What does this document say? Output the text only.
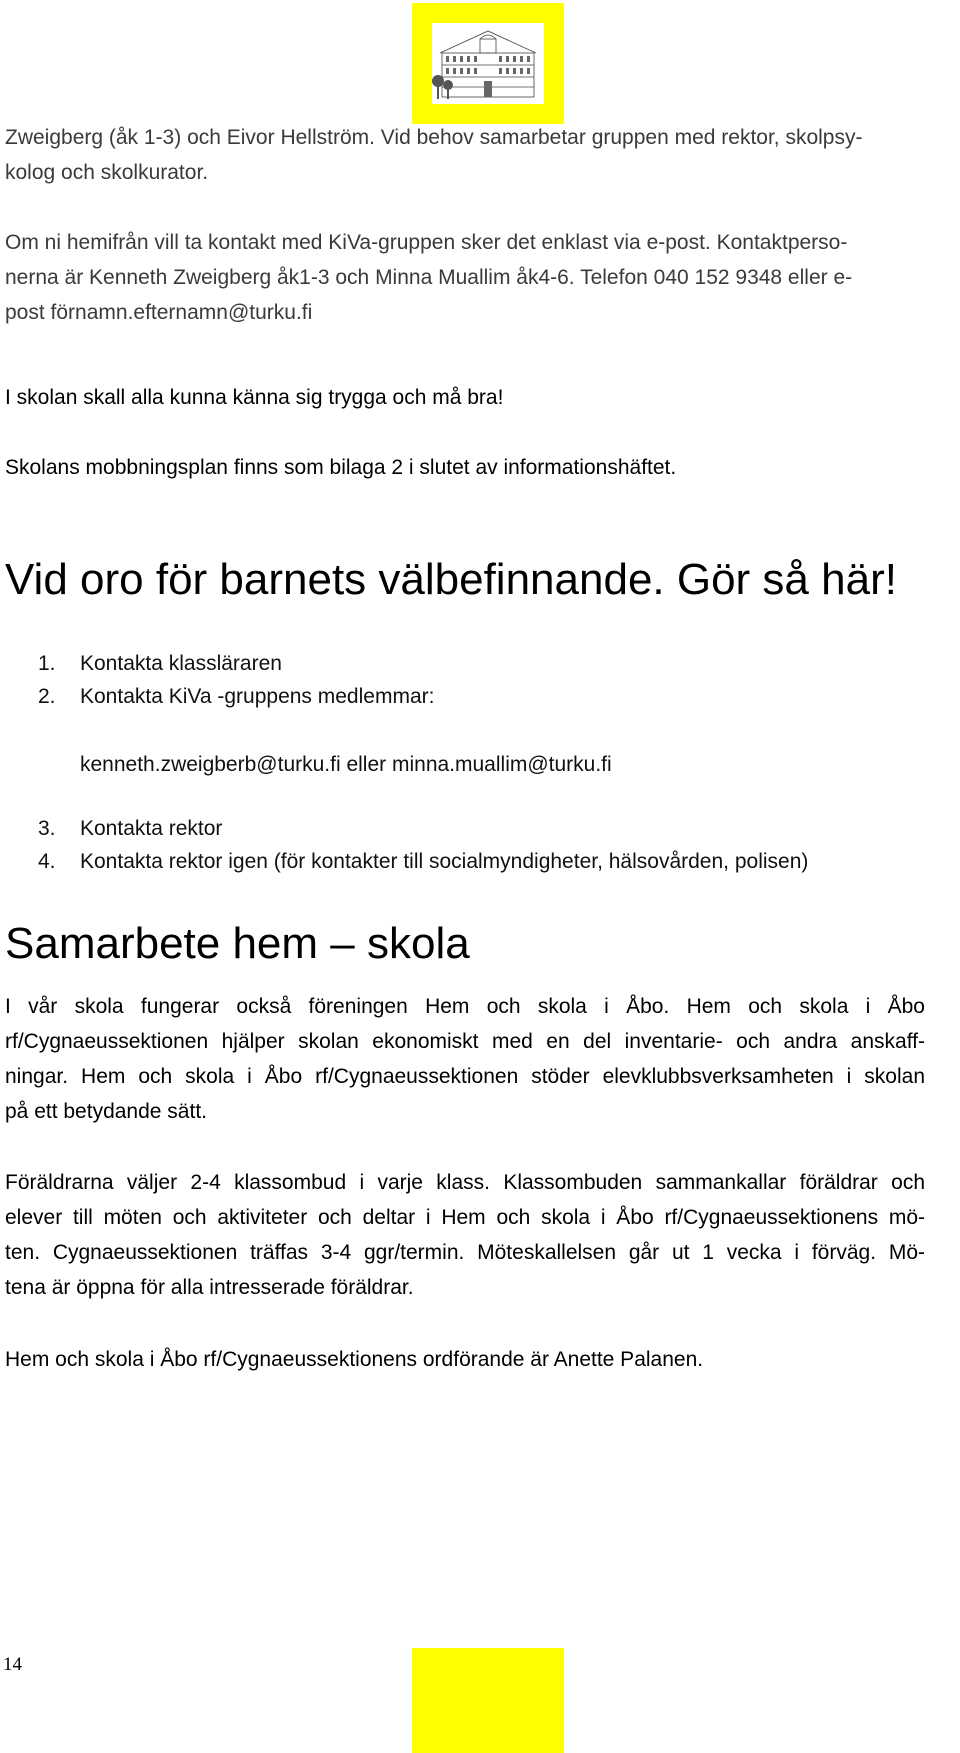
Zweigberg (åk 1-3) och Eivor Hellström. Vid behov samarbetar gruppen med rektor, skolpsy-
kolog och skolkurator.

Om ni hemifrån vill ta kontakt med KiVa-gruppen sker det enklast via e-post. Kontaktperso-
nerna är Kenneth Zweigberg åk1-3 och Minna Muallim åk4-6. Telefon 040 152 9348 eller e-
post förnamn.efternamn@turku.fi

I skolan skall alla kunna känna sig trygga och må bra!

Skolans mobbningsplan finns som bilaga 2 i slutet av informationshäftet.

Vid oro för barnets välbefinnande. Gör så här!
1. Kontakta klassläraren
2. Kontakta KiVa -gruppens medlemmar:
kenneth.zweigberb@turku.fi eller minna.muallim@turku.fi
3. Kontakta rektor
4. Kontakta rektor igen (för kontakter till socialmyndigheter, hälsovården, polisen)
Samarbete hem – skola

I vår skola fungerar också föreningen Hem och skola i Åbo. Hem och skola i Åbo
rf/Cygnaeussektionen hjälper skolan ekonomiskt med en del inventarie- och andra anskaff-
ningar. Hem och skola i Åbo rf/Cygnaeussektionen stöder elevklubbsverksamheten i skolan
på ett betydande sätt.

Föräldrarna väljer 2-4 klassombud i varje klass. Klassombuden sammankallar föräldrar och
elever till möten och aktiviteter och deltar i Hem och skola i Åbo rf/Cygnaeussektionens mö-
ten. Cygnaeussektionen träffas 3-4 ggr/termin. Möteskallelsen går ut 1 vecka i förväg. Mö-
tena är öppna för alla intresserade föräldrar.

Hem och skola i Åbo rf/Cygnaeussektionens ordförande är Anette Palanen.

14
